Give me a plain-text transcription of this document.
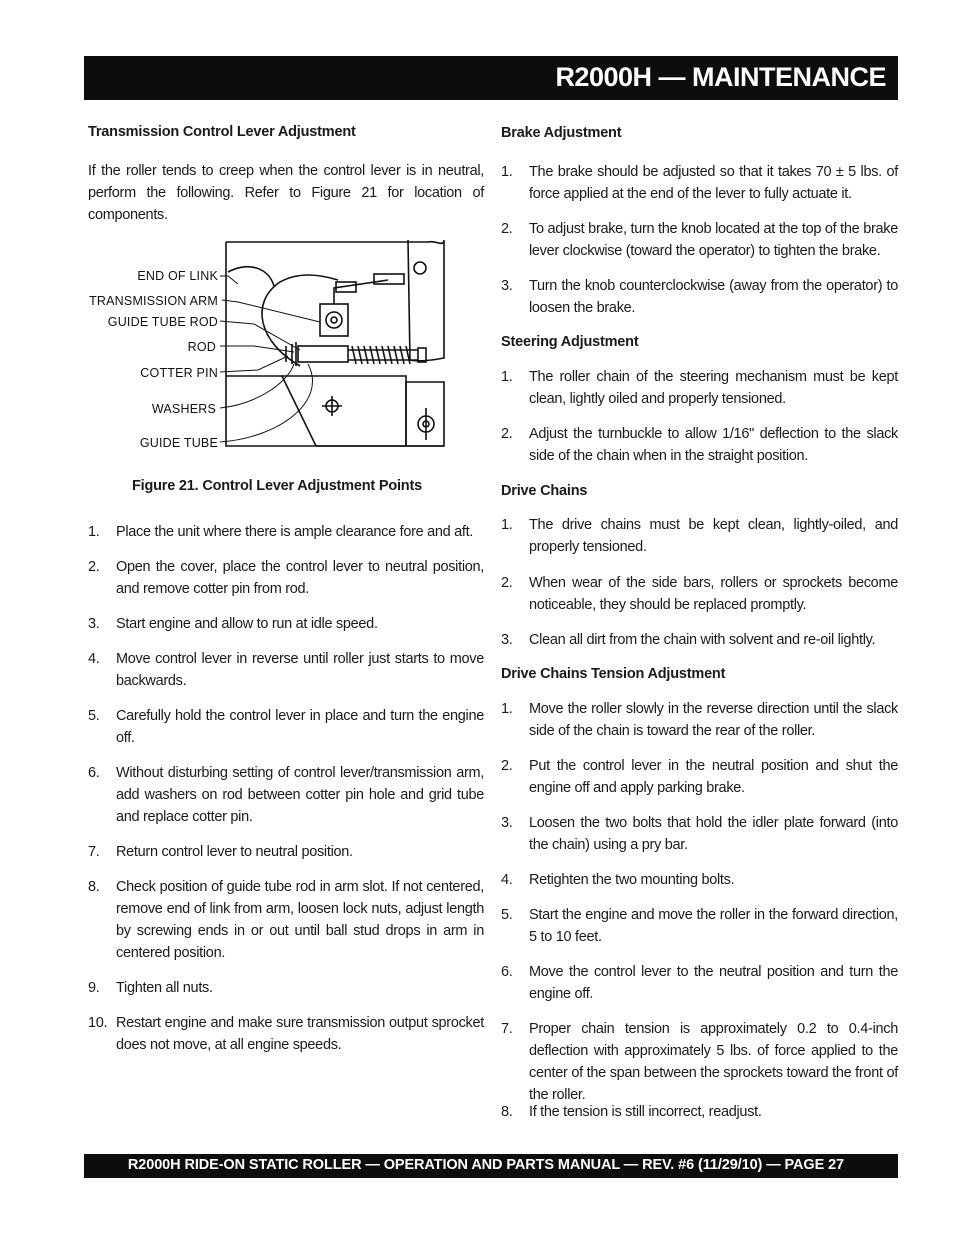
R2000H — MAINTENANCE
Transmission Control Lever Adjustment

If the roller tends to creep when the control lever is in neutral, perform the following. Refer to Figure 21 for location of components.

END OF LINK
TRANSMISSION ARM
GUIDE TUBE ROD
ROD
COTTER PIN
WASHERS
GUIDE TUBE
Figure 21. Control Lever Adjustment Points
1. Place the unit where there is ample clearance fore and aft.
2. Open the cover, place the control lever to neutral position, and remove cotter pin from rod.
3. Start engine and allow to run at idle speed.
4. Move control lever in reverse until roller just starts to move backwards.
5. Carefully hold the control lever in place and turn the engine off.
6. Without disturbing setting of control lever/transmission arm, add washers on rod between cotter pin hole and grid tube and replace cotter pin.
7. Return control lever to neutral position.
8. Check position of guide tube rod in arm slot. If not centered, remove end of link from arm, loosen lock nuts, adjust length by screwing ends in or out until ball stud drops in arm in centered position.
9. Tighten all nuts.
10. Restart engine and make sure transmission output sprocket does not move, at all engine speeds.
Brake Adjustment
1. The brake should be adjusted so that it takes 70 ± 5 lbs. of force applied at the end of the lever to fully actuate it.
2. To adjust brake, turn the knob located at the top of the brake lever clockwise (toward the operator) to tighten the brake.
3. Turn the knob counterclockwise (away from the operator) to loosen the brake.
Steering Adjustment
1. The roller chain of the steering mechanism must be kept clean, lightly oiled and properly tensioned.
2. Adjust the turnbuckle to allow 1/16" deflection to the slack side of the chain when in the straight position.
Drive Chains
1. The drive chains must be kept clean, lightly-oiled, and properly tensioned.
2. When wear of the side bars, rollers or sprockets become noticeable, they should be replaced promptly.
3. Clean all dirt from the chain with solvent and re-oil lightly.
Drive Chains Tension Adjustment
1. Move the roller slowly in the reverse direction until the slack side of the chain is toward the rear of the roller.
2. Put the control lever in the neutral position and shut the engine off and apply parking brake.
3. Loosen the two bolts that hold the idler plate forward (into the chain) using a pry bar.
4. Retighten the two mounting bolts.
5. Start the engine and move the roller in the forward direction, 5 to 10 feet.
6. Move the control lever to the neutral position and turn the engine off.
7. Proper chain tension is approximately 0.2 to 0.4-inch deflection with approximately 5 lbs. of force applied to the center of the span between the sprockets toward the front of the roller.
8. If the tension is still incorrect, readjust.
R2000H RIDE-ON STATIC ROLLER — OPERATION AND PARTS MANUAL — REV. #6 (11/29/10) — PAGE 27
